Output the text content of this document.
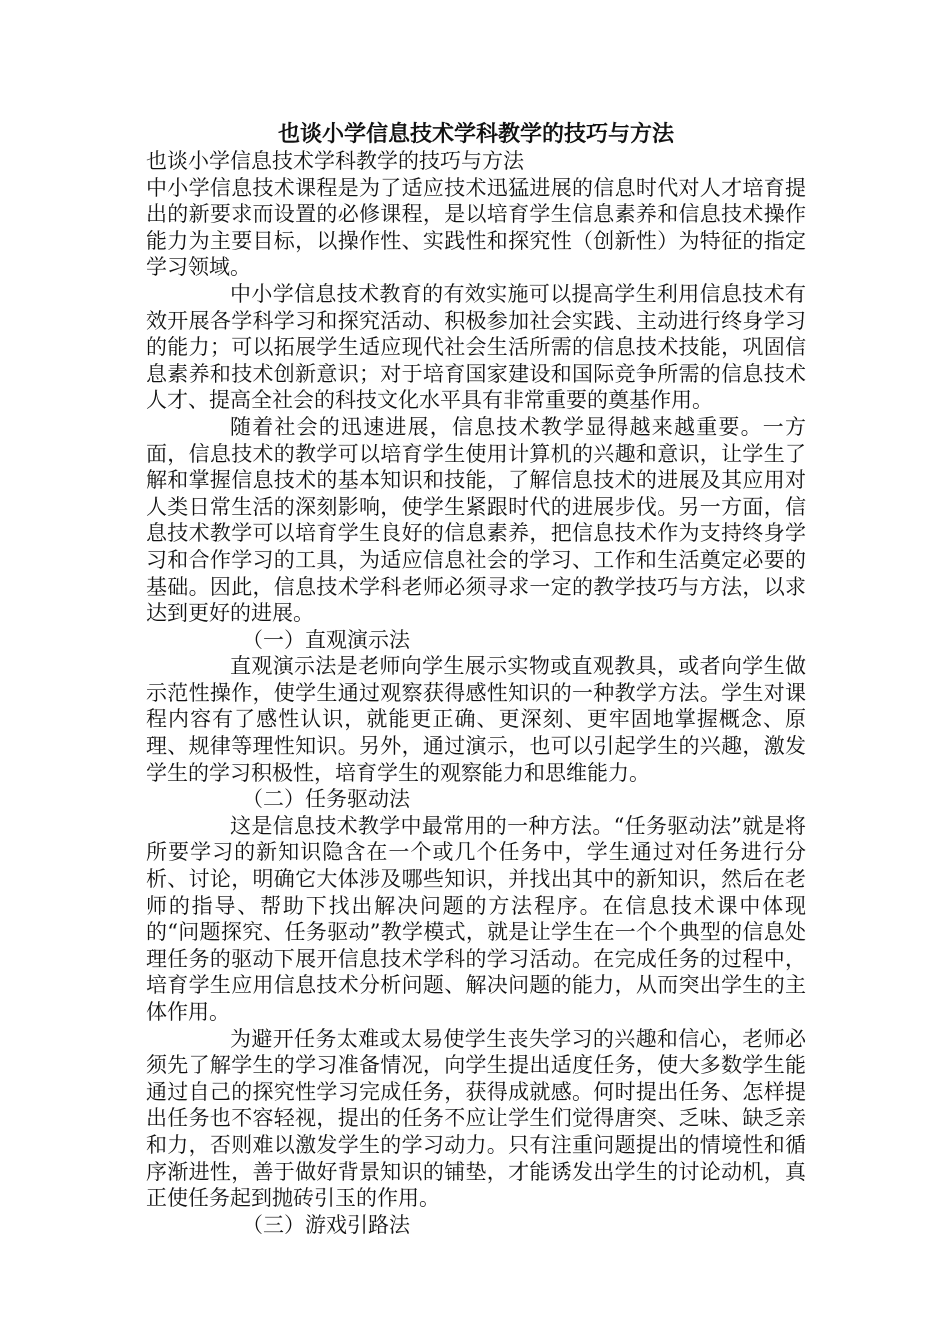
也谈小学信息技术学科教学的技巧与方法

也谈小学信息技术学科教学的技巧与方法

中小学信息技术课程是为了适应技术迅猛进展的信息时代对人才培育提出的新要求而设置的必修课程，是以培育学生信息素养和信息技术操作能力为主要目标，以操作性、实践性和探究性（创新性）为特征的指定学习领域。

中小学信息技术教育的有效实施可以提高学生利用信息技术有效开展各学科学习和探究活动、积极参加社会实践、主动进行终身学习的能力；可以拓展学生适应现代社会生活所需的信息技术技能，巩固信息素养和技术创新意识；对于培育国家建设和国际竞争所需的信息技术人才、提高全社会的科技文化水平具有非常重要的奠基作用。

随着社会的迅速进展，信息技术教学显得越来越重要。一方面，信息技术的教学可以培育学生使用计算机的兴趣和意识，让学生了解和掌握信息技术的基本知识和技能，了解信息技术的进展及其应用对人类日常生活的深刻影响，使学生紧跟时代的进展步伐。另一方面，信息技术教学可以培育学生良好的信息素养，把信息技术作为支持终身学习和合作学习的工具，为适应信息社会的学习、工作和生活奠定必要的基础。因此，信息技术学科老师必须寻求一定的教学技巧与方法，以求达到更好的进展。

（一）直观演示法

直观演示法是老师向学生展示实物或直观教具，或者向学生做示范性操作，使学生通过观察获得感性知识的一种教学方法。学生对课程内容有了感性认识，就能更正确、更深刻、更牢固地掌握概念、原理、规律等理性知识。另外，通过演示，也可以引起学生的兴趣，激发学生的学习积极性，培育学生的观察能力和思维能力。

（二）任务驱动法

这是信息技术教学中最常用的一种方法。“任务驱动法”就是将所要学习的新知识隐含在一个或几个任务中，学生通过对任务进行分析、讨论，明确它大体涉及哪些知识，并找出其中的新知识，然后在老师的指导、帮助下找出解决问题的方法程序。在信息技术课中体现的“问题探究、任务驱动”教学模式，就是让学生在一个个典型的信息处理任务的驱动下展开信息技术学科的学习活动。在完成任务的过程中，培育学生应用信息技术分析问题、解决问题的能力，从而突出学生的主体作用。

为避开任务太难或太易使学生丧失学习的兴趣和信心，老师必须先了解学生的学习准备情况，向学生提出适度任务，使大多数学生能通过自己的探究性学习完成任务，获得成就感。何时提出任务、怎样提出任务也不容轻视，提出的任务不应让学生们觉得唐突、乏味、缺乏亲和力，否则难以激发学生的学习动力。只有注重问题提出的情境性和循序渐进性，善于做好背景知识的铺垫，才能诱发出学生的讨论动机，真正使任务起到抛砖引玉的作用。

（三）游戏引路法
